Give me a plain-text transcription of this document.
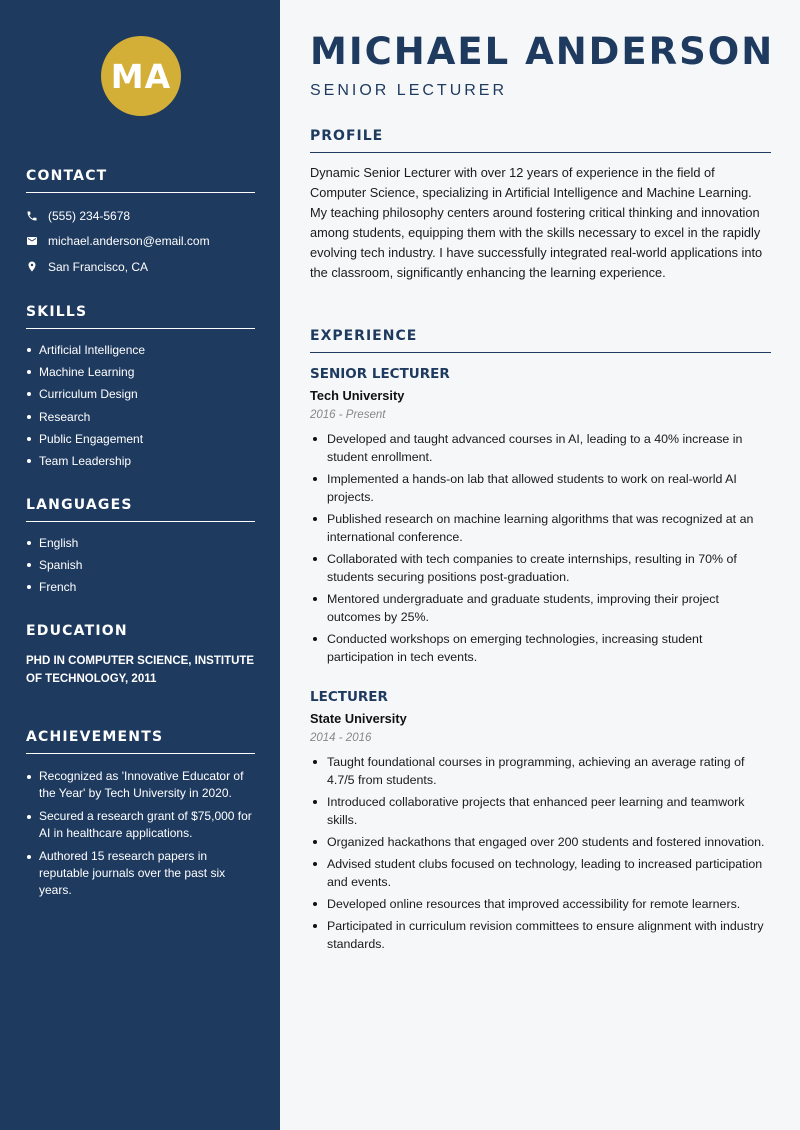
MA
CONTACT
(555) 234-5678
michael.anderson@email.com
San Francisco, CA
SKILLS
Artificial Intelligence
Machine Learning
Curriculum Design
Research
Public Engagement
Team Leadership
LANGUAGES
English
Spanish
French
EDUCATION
PHD IN COMPUTER SCIENCE, INSTITUTE
OF TECHNOLOGY, 2011
ACHIEVEMENTS
Recognized as 'Innovative Educator of the Year' by Tech University in 2020.
Secured a research grant of $75,000 for AI in healthcare applications.
Authored 15 research papers in reputable journals over the past six years.
MICHAEL ANDERSON
SENIOR LECTURER
PROFILE

Dynamic Senior Lecturer with over 12 years of experience in the field of Computer Science, specializing in Artificial Intelligence and Machine Learning. My teaching philosophy centers around fostering critical thinking and innovation among students, equipping them with the skills necessary to excel in the rapidly evolving tech industry. I have successfully integrated real-world applications into the classroom, significantly enhancing the learning experience.

EXPERIENCE
SENIOR LECTURER
Tech University
2016 - Present
Developed and taught advanced courses in AI, leading to a 40% increase in student enrollment.
Implemented a hands-on lab that allowed students to work on real-world AI projects.
Published research on machine learning algorithms that was recognized at an international conference.
Collaborated with tech companies to create internships, resulting in 70% of students securing positions post-graduation.
Mentored undergraduate and graduate students, improving their project outcomes by 25%.
Conducted workshops on emerging technologies, increasing student participation in tech events.
LECTURER
State University
2014 - 2016
Taught foundational courses in programming, achieving an average rating of 4.7/5 from students.
Introduced collaborative projects that enhanced peer learning and teamwork skills.
Organized hackathons that engaged over 200 students and fostered innovation.
Advised student clubs focused on technology, leading to increased participation and events.
Developed online resources that improved accessibility for remote learners.
Participated in curriculum revision committees to ensure alignment with industry standards.
